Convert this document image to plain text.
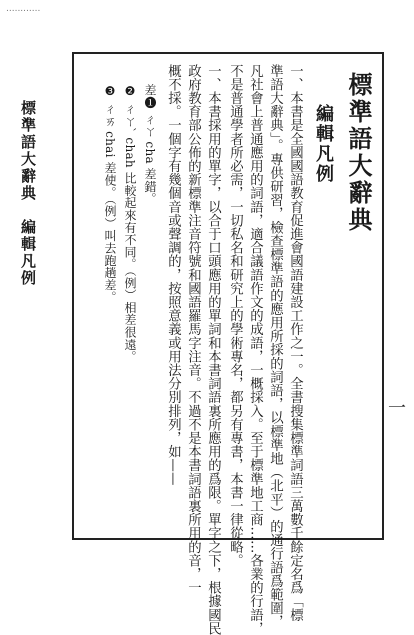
............
標準語大辭典
編輯凡例
一、本書是全國國語教育促進會國語建設工作之一。全書搜集標準詞語三萬數千餘定名爲「標
準語大辭典」。專供研習，檢查標準語的應用所採的詞語，以標準地（北平）的通行語爲範圍，
凡社會上普通應用的詞語，適合議語作文的成語，一概採入。至于標準地工商……各業的行語，
不是普通學者所必需，一切私名和研究上的學術專名，都另有專書，本書一律從略。
一、本書採用的單字，以合于口頭應用的單詞和本書詞語裏所應用的爲限。單字之下，根據國民
政府教育部公佈的新標準注音符號和國語羅馬字注音。不過不是本書詞語裏所用的音，一
概不採。一個字有幾個音或聲調的，按照意義或用法分別排列，如——
差❶ ㄔㄚ cha 差錯。
❷ ㄔㄚˋ chah 比較起來有不同。（例）相差很遠。
❸ ㄔㄞ chai 差使。（例）叫去跑趟差。
標準語大辭典　編輯凡例
一
